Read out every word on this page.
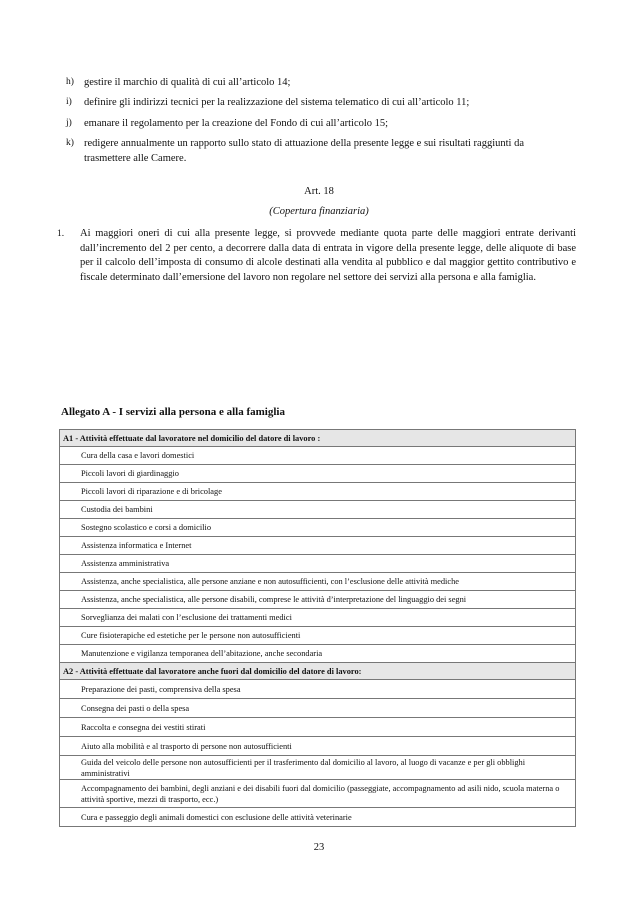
h) gestire il marchio di qualità di cui all’articolo 14;
i) definire gli indirizzi tecnici per la realizzazione del sistema telematico di cui all’articolo 11;
j) emanare il regolamento per la creazione del Fondo di cui all’articolo 15;
k) redigere annualmente un rapporto sullo stato di attuazione della presente legge e sui risultati raggiunti da trasmettere alle Camere.
Art. 18
(Copertura finanziaria)
1. Ai maggiori oneri di cui alla presente legge, si provvede mediante quota parte delle maggiori entrate derivanti dall’incremento del 2 per cento, a decorrere dalla data di entrata in vigore della presente legge, delle aliquote di base per il calcolo dell’imposta di consumo di alcole destinati alla vendita al pubblico e dal maggior gettito contributivo e fiscale determinato dall’emersione del lavoro non regolare nel settore dei servizi alla persona e alla famiglia.
Allegato A - I servizi alla persona e alla famiglia
A1 - Attività effettuate dal lavoratore nel domicilio del datore di lavoro :
Cura della casa e lavori domestici
Piccoli lavori di giardinaggio
Piccoli lavori di riparazione e di bricolage
Custodia dei bambini
Sostegno scolastico e corsi a domicilio
Assistenza informatica e Internet
Assistenza amministrativa
Assistenza, anche specialistica, alle persone anziane e non autosufficienti, con l’esclusione delle attività mediche
Assistenza, anche specialistica, alle persone disabili, comprese le attività d’interpretazione del linguaggio dei segni
Sorveglianza dei malati con l’esclusione dei trattamenti medici
Cure fisioterapiche ed estetiche per le persone non autosufficienti
Manutenzione e vigilanza temporanea dell’abitazione, anche secondaria
A2 - Attività effettuate dal lavoratore anche fuori dal domicilio del datore di lavoro:
Preparazione dei pasti, comprensiva della spesa
Consegna dei pasti o della spesa
Raccolta e consegna dei vestiti stirati
Aiuto alla mobilità e al trasporto di persone non autosufficienti
Guida del veicolo delle persone non autosufficienti per il trasferimento dal domicilio al lavoro, al luogo di vacanze e per gli obblighi amministrativi
Accompagnamento dei bambini, degli anziani e dei disabili fuori dal domicilio (passeggiate, accompagnamento ad asili nido, scuola materna o attività sportive, mezzi di trasporto, ecc.)
Cura e passeggio degli animali domestici con esclusione delle attività veterinarie
23
